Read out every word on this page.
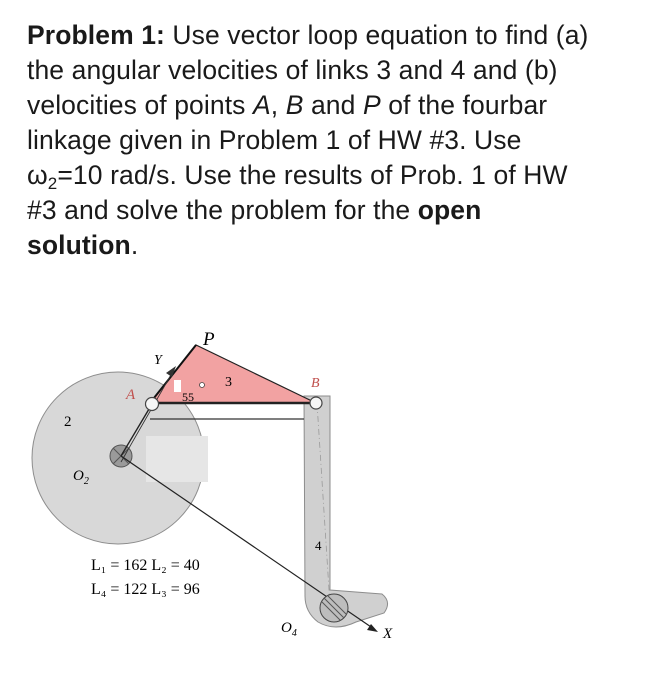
Problem 1: Use vector loop equation to find (a)
the angular velocities of links 3 and 4 and (b)
velocities of points A, B and P of the fourbar
linkage given in Problem 1 of HW #3. Use
$\omega_2=10$ rad/s. Use the results of Prob. 1 of HW
#3 and solve the problem for the open
solution.
P
Y
A
B
3
55
2
$O_2$
4
$O_4$	X
L₁ = 162 L₂ = 40
L₄ = 122 L₃ = 96
